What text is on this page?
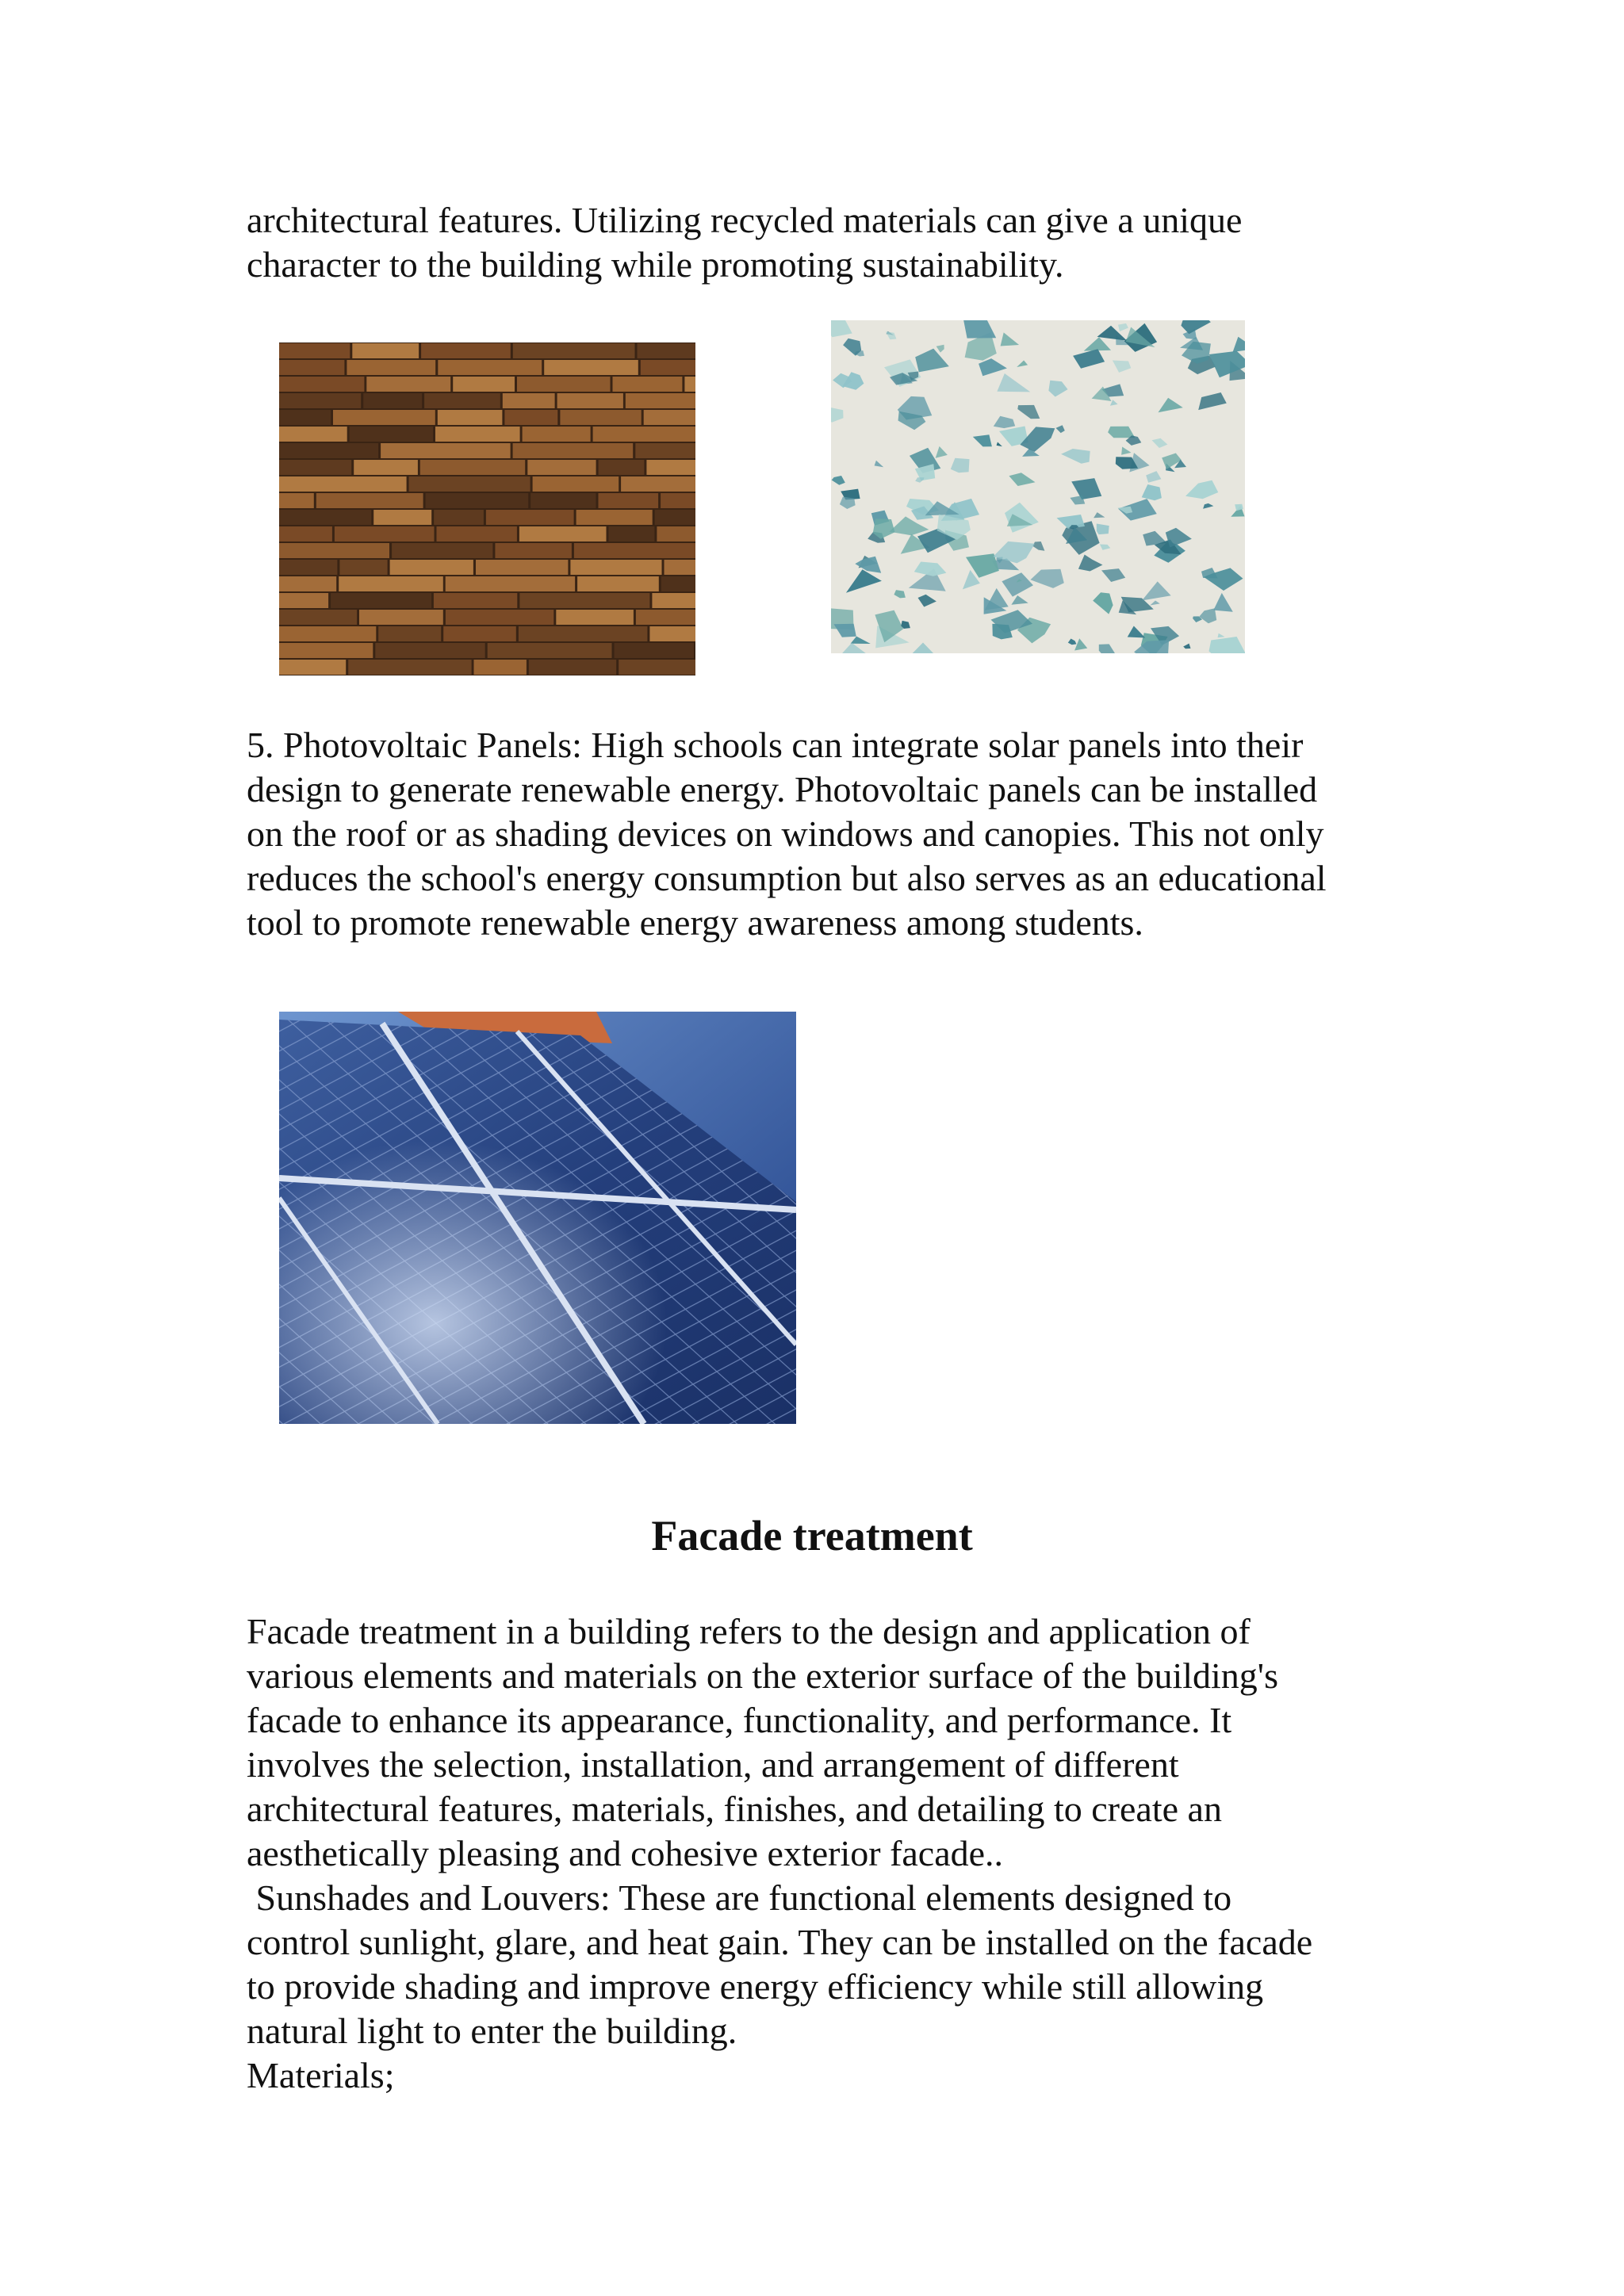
architectural features. Utilizing recycled materials can give a unique
character to the building while promoting sustainability.

5. Photovoltaic Panels: High schools can integrate solar panels into their
design to generate renewable energy. Photovoltaic panels can be installed
on the roof or as shading devices on windows and canopies. This not only
reduces the school's energy consumption but also serves as an educational
tool to promote renewable energy awareness among students.

Facade treatment

Facade treatment in a building refers to the design and application of
various elements and materials on the exterior surface of the building's
facade to enhance its appearance, functionality, and performance. It
involves the selection, installation, and arrangement of different
architectural features, materials, finishes, and detailing to create an
aesthetically pleasing and cohesive exterior facade..
Sunshades and Louvers: These are functional elements designed to
control sunlight, glare, and heat gain. They can be installed on the facade
to provide shading and improve energy efficiency while still allowing
natural light to enter the building.
Materials;
